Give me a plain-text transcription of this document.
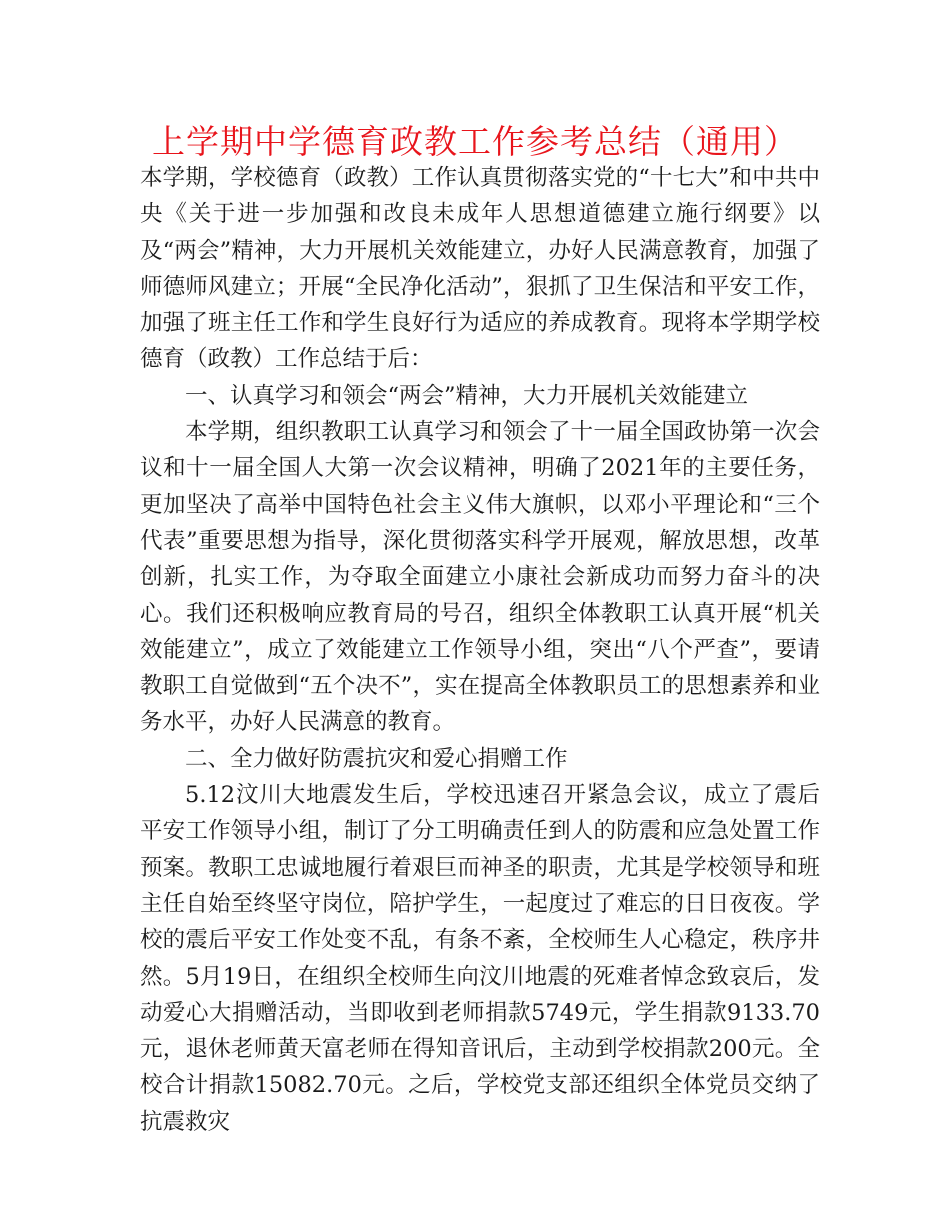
上学期中学德育政教工作参考总结（通用）

本学期，学校德育（政教）工作认真贯彻落实党的“十七大”和中共中央《关于进一步加强和改良未成年人思想道德建立施行纲要》以及“两会”精神，大力开展机关效能建立，办好人民满意教育，加强了师德师风建立；开展“全民净化活动”，狠抓了卫生保洁和平安工作，加强了班主任工作和学生良好行为适应的养成教育。现将本学期学校德育（政教）工作总结于后：

一、认真学习和领会“两会”精神，大力开展机关效能建立

本学期，组织教职工认真学习和领会了十一届全国政协第一次会议和十一届全国人大第一次会议精神，明确了2021年的主要任务，更加坚决了高举中国特色社会主义伟大旗帜，以邓小平理论和“三个代表”重要思想为指导，深化贯彻落实科学开展观，解放思想，改革创新，扎实工作，为夺取全面建立小康社会新成功而努力奋斗的决心。我们还积极响应教育局的号召，组织全体教职工认真开展“机关效能建立”，成立了效能建立工作领导小组，突出“八个严查”，要请教职工自觉做到“五个决不”，实在提高全体教职员工的思想素养和业务水平，办好人民满意的教育。

二、全力做好防震抗灾和爱心捐赠工作

5.12汶川大地震发生后，学校迅速召开紧急会议，成立了震后平安工作领导小组，制订了分工明确责任到人的防震和应急处置工作预案。教职工忠诚地履行着艰巨而神圣的职责，尤其是学校领导和班主任自始至终坚守岗位，陪护学生，一起度过了难忘的日日夜夜。学校的震后平安工作处变不乱，有条不紊，全校师生人心稳定，秩序井然。5月19日，在组织全校师生向汶川地震的死难者悼念致哀后，发动爱心大捐赠活动，当即收到老师捐款5749元，学生捐款9133.70元，退休老师黄天富老师在得知音讯后，主动到学校捐款200元。全校合计捐款15082.70元。之后，学校党支部还组织全体党员交纳了抗震救灾
